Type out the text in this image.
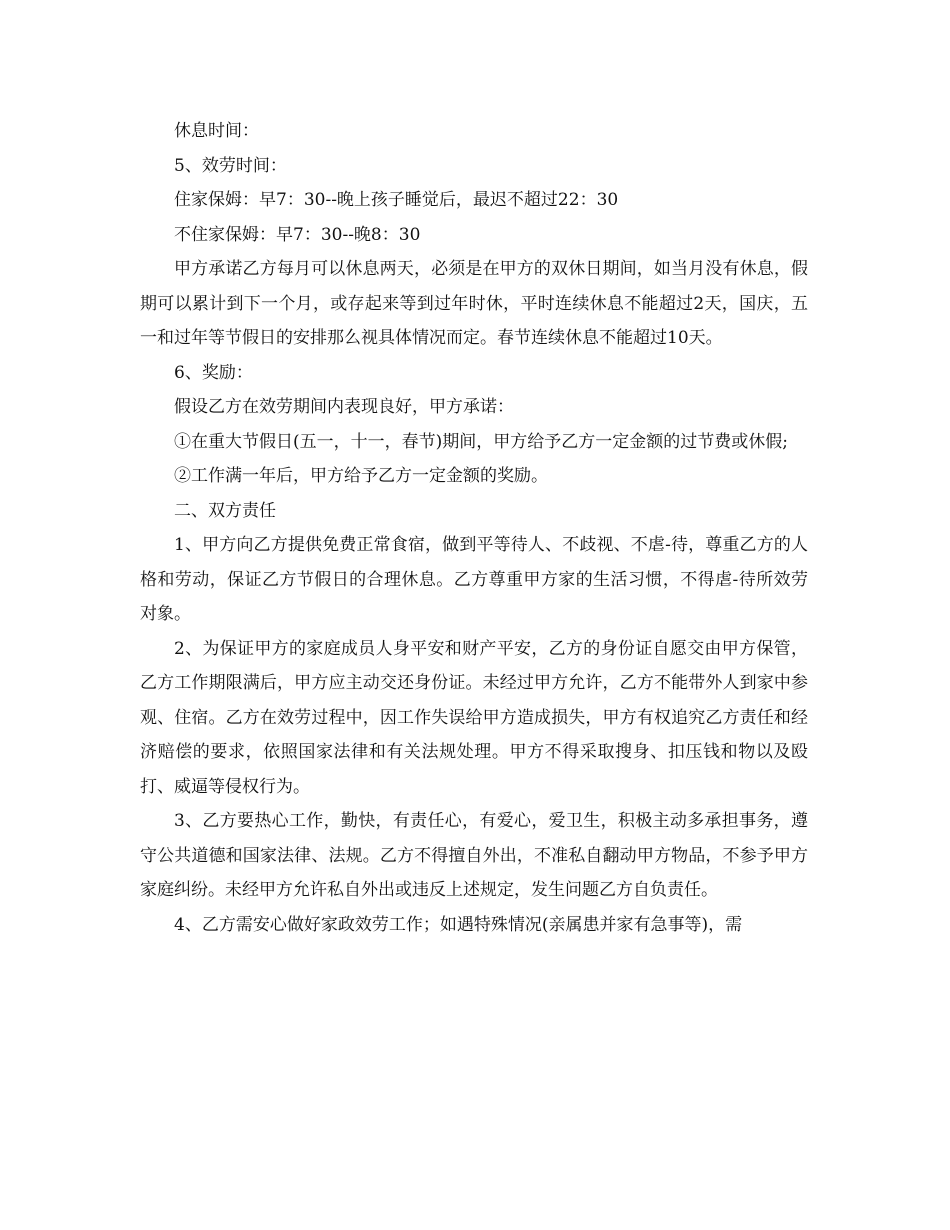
休息时间：

5、效劳时间：

住家保姆：早7：30--晚上孩子睡觉后，最迟不超过22：30

不住家保姆：早7：30--晚8：30

甲方承诺乙方每月可以休息两天，必须是在甲方的双休日期间，如当月没有休息，假期可以累计到下一个月，或存起来等到过年时休，平时连续休息不能超过2天，国庆，五一和过年等节假日的安排那么视具体情况而定。春节连续休息不能超过10天。

6、奖励：

假设乙方在效劳期间内表现良好，甲方承诺：

①在重大节假日(五一，十一，春节)期间，甲方给予乙方一定金额的过节费或休假;

②工作满一年后，甲方给予乙方一定金额的奖励。

二、双方责任

1、甲方向乙方提供免费正常食宿，做到平等待人、不歧视、不虐-待，尊重乙方的人格和劳动，保证乙方节假日的合理休息。乙方尊重甲方家的生活习惯，不得虐-待所效劳对象。

2、为保证甲方的家庭成员人身平安和财产平安，乙方的身份证自愿交由甲方保管，乙方工作期限满后，甲方应主动交还身份证。未经过甲方允许，乙方不能带外人到家中参观、住宿。乙方在效劳过程中，因工作失误给甲方造成损失，甲方有权追究乙方责任和经济赔偿的要求，依照国家法律和有关法规处理。甲方不得采取搜身、扣压钱和物以及殴打、威逼等侵权行为。

3、乙方要热心工作，勤快，有责任心，有爱心，爱卫生，积极主动多承担事务，遵守公共道德和国家法律、法规。乙方不得擅自外出，不准私自翻动甲方物品，不参予甲方家庭纠纷。未经甲方允许私自外出或违反上述规定，发生问题乙方自负责任。

4、乙方需安心做好家政效劳工作；如遇特殊情况(亲属患并家有急事等)，需
